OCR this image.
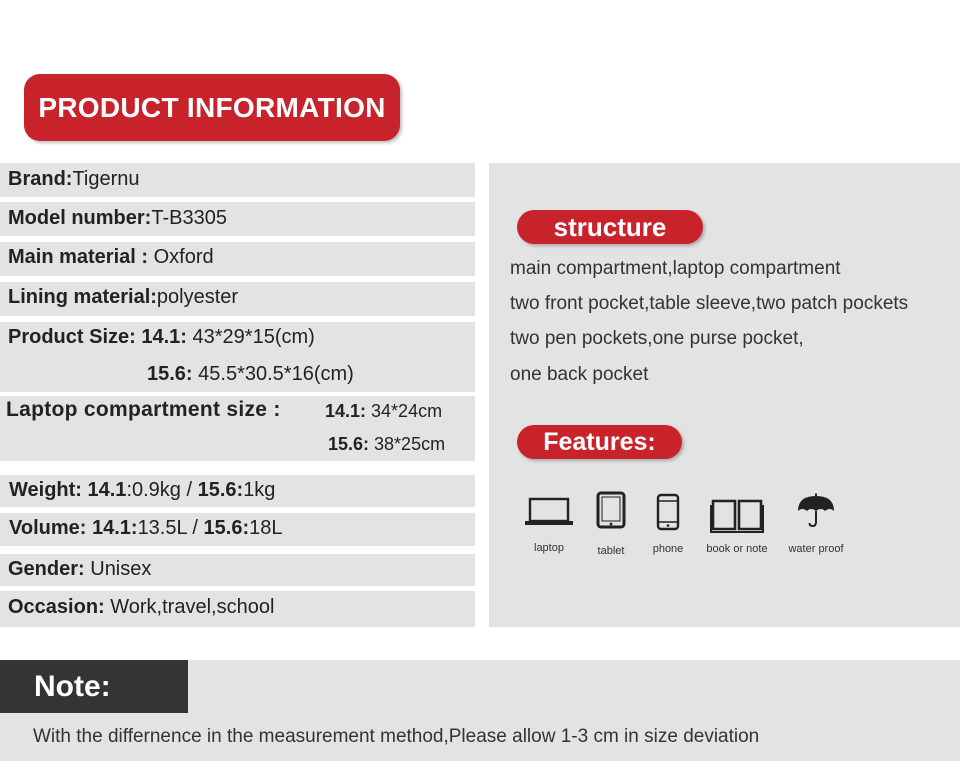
PRODUCT INFORMATION
Brand:Tigernu
Model number:T-B3305
Main material : Oxford
Lining material:polyester
Product Size: 14.1: 43*29*15(cm)
15.6: 45.5*30.5*16(cm)
Laptop compartment size : 14.1: 34*24cm
15.6: 38*25cm
Weight: 14.1:0.9kg / 15.6:1kg
Volume: 14.1:13.5L / 15.6:18L
Gender: Unisex
Occasion: Work,travel,school
structure
main compartment,laptop compartment
two front pocket,table sleeve,two patch pockets
two pen pockets,one purse pocket,
one back pocket
Features:
laptop	tablet	phone	book or note	water proof
Note:
With the differnence in the measurement method,Please allow 1-3 cm in size deviation
